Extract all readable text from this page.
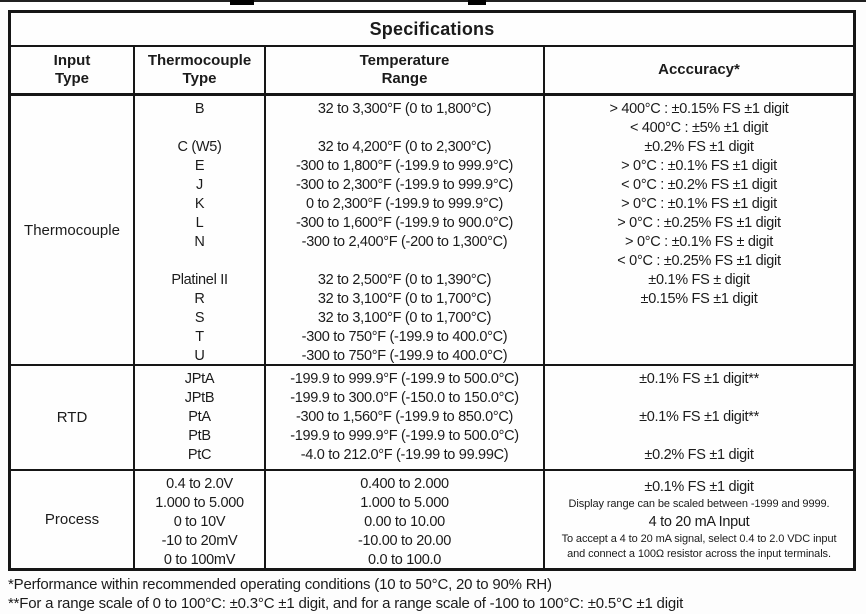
Specifications
Input
Type
Thermocouple
Type
Temperature
Range
Acccuracy*
Thermocouple
B

C (W5)
E
J
K
L
N

Platinel II
R
S
T
U
32 to 3,300°F (0 to 1,800°C)

32 to 4,200°F (0 to 2,300°C)
-300 to 1,800°F (-199.9 to 999.9°C)
-300 to 2,300°F (-199.9 to 999.9°C)
0 to 2,300°F (-199.9 to 999.9°C)
-300 to 1,600°F (-199.9 to 900.0°C)
-300 to 2,400°F (-200 to 1,300°C)

32 to 2,500°F (0 to 1,390°C)
32 to 3,100°F (0 to 1,700°C)
32 to 3,100°F (0 to 1,700°C)
-300 to 750°F (-199.9 to 400.0°C)
-300 to 750°F (-199.9 to 400.0°C)
> 400°C : ±0.15% FS ±1 digit
< 400°C : ±5% ±1 digit
±0.2% FS ±1 digit
> 0°C : ±0.1% FS ±1 digit
< 0°C : ±0.2% FS ±1 digit
> 0°C : ±0.1% FS ±1 digit
> 0°C : ±0.25% FS ±1 digit
> 0°C : ±0.1% FS ± digit
< 0°C : ±0.25% FS ±1 digit
±0.1% FS ± digit
±0.15% FS ±1 digit

RTD
JPtA
JPtB
PtA
PtB
PtC
-199.9 to 999.9°F (-199.9 to 500.0°C)
-199.9 to 300.0°F (-150.0 to 150.0°C)
-300 to 1,560°F (-199.9 to 850.0°C)
-199.9 to 999.9°F (-199.9 to 500.0°C)
-4.0 to 212.0°F (-19.99 to 99.99C)
±0.1% FS ±1 digit**

±0.1% FS ±1 digit**

±0.2% FS ±1 digit
Process
0.4 to 2.0V
1.000 to 5.000
0 to 10V
-10 to 20mV
0 to 100mV
0.400 to 2.000
1.000 to 5.000
0.00 to 10.00
-10.00 to 20.00
0.0 to 100.0
±0.1% FS ±1 digit
Display range can be scaled between -1999 and 9999.
4 to 20 mA Input
To accept a 4 to 20 mA signal, select 0.4 to 2.0 VDC input
and connect a 100Ω resistor across the input terminals.
*Performance within recommended operating conditions (10 to 50°C, 20 to 90% RH)
**For a range scale of 0 to 100°C: ±0.3°C ±1 digit, and for a range scale of -100 to 100°C: ±0.5°C ±1 digit
